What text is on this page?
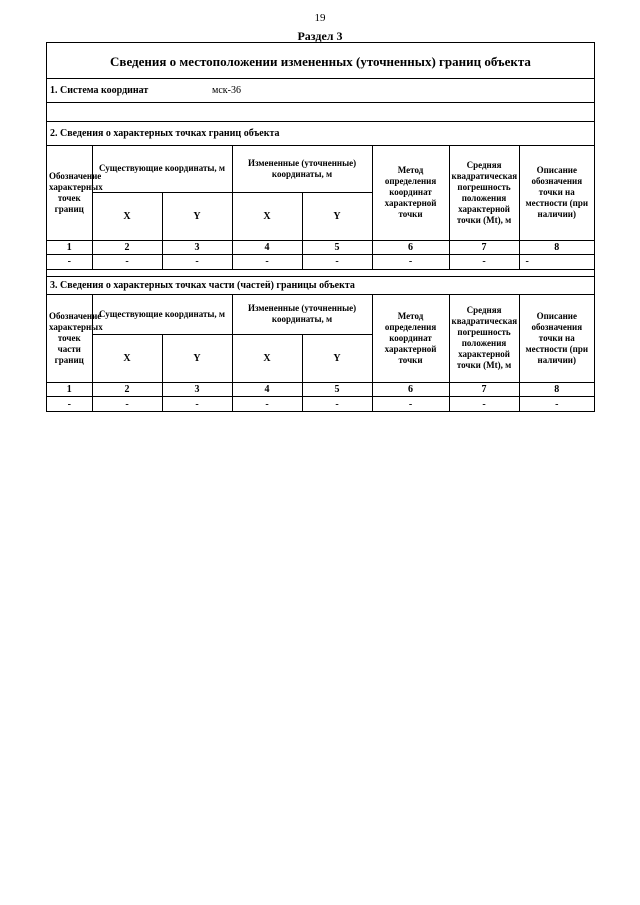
19
Раздел 3
Сведения о местоположении измененных (уточненных) границ объекта
1. Система координат	мск-36
2. Сведения о характерных точках границ объекта
Обозначение характерных точек границ	Существующие координаты, м		Измененные (уточненные) координаты, м		Метод определения координат характерной точки	Средняя квадратическая погрешность положения характерной точки (Mt), м	Описание обозначения точки на местности (при наличии)
	X	Y	X	Y			
1	2	3	4	5	6	7	8
-	-	-	-	-	-	-	-
3. Сведения о характерных точках части (частей) границы объекта
Обозначение характерных точек части границ	Существующие координаты, м		Измененные (уточненные) координаты, м		Метод определения координат характерной точки	Средняя квадратическая погрешность положения характерной точки (Mt), м	Описание обозначения точки на местности (при наличии)
	X	Y	X	Y			
1	2	3	4	5	6	7	8
-	-	-	-	-	-	-	-
